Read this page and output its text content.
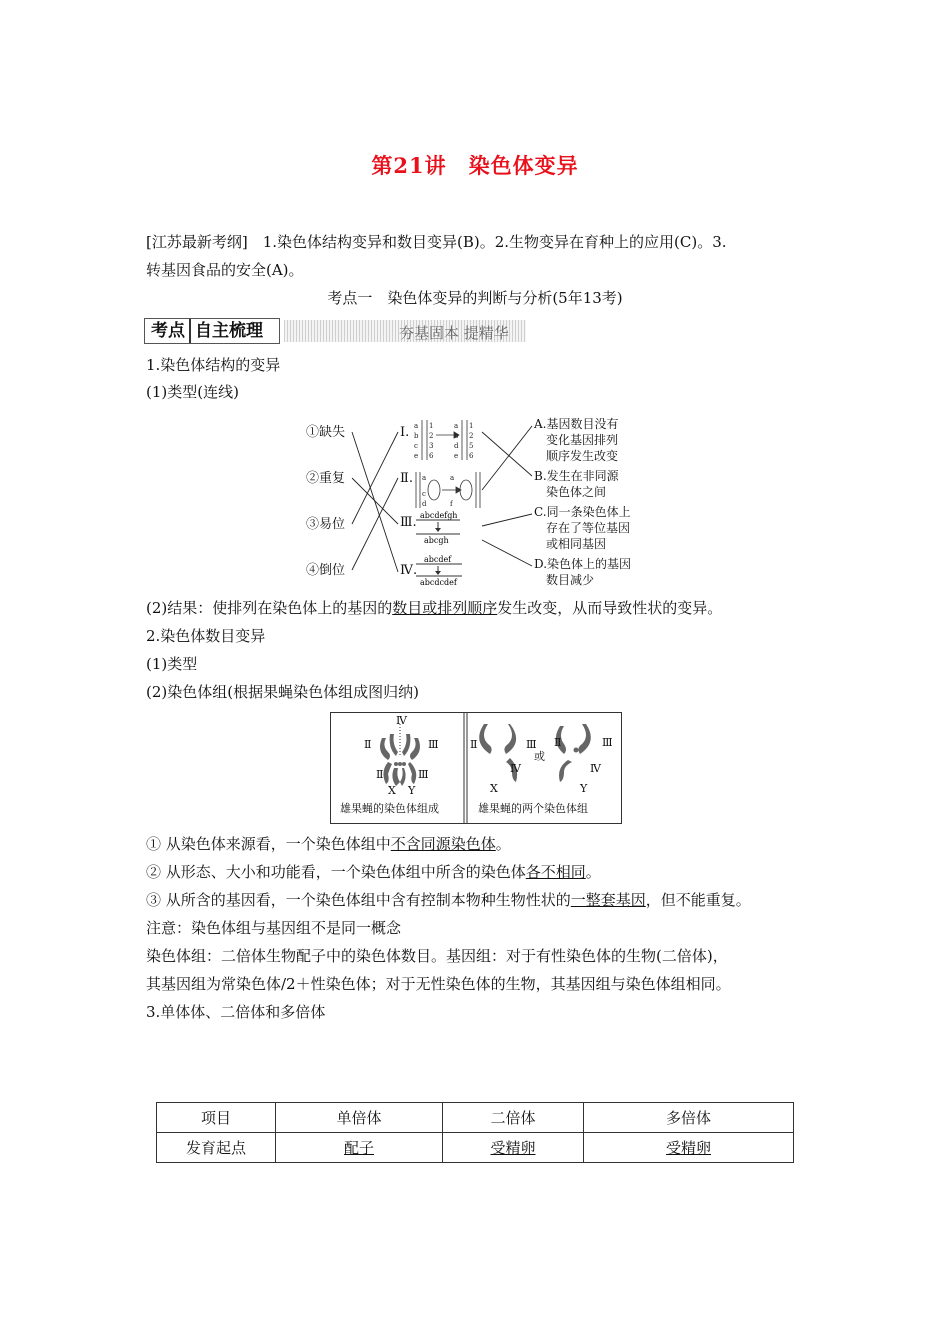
第21讲　染色体变异
[江苏最新考纲]　1.染色体结构变异和数目变异(B)。2.生物变异在育种上的应用(C)。3.
转基因食品的安全(A)。
考点一　染色体变异的判断与分析(5年13考)
考点 自主梳理	夯基固本 提精华
1.染色体结构的变异
(1)类型(连线)
①缺失
②重复
③易位
④倒位
Ⅰ.
Ⅱ.
Ⅲ.
Ⅳ.
a
b
c
e
1
2
3
6
a
b
d
e
1
2
5
6
a
c
d
a
f
abcdefgh
abcgh
abcdef
abcdcdef
A.基因数目没有
变化基因排列
顺序发生改变
B.发生在非同源
染色体之间
C.同一条染色体上
存在了等位基因
或相同基因
D.染色体上的基因
数目减少
(2)结果：使排列在染色体上的基因的数目或排列顺序发生改变，从而导致性状的变异。
2.染色体数目变异
(1)类型
(2)染色体组(根据果蝇染色体组成图归纳)
Ⅳ
Ⅱ	Ⅲ
Ⅱ	Ⅲ
X Y
Ⅱ	Ⅲ
Ⅳ
或
Ⅱ	Ⅲ
Ⅳ
X	Y
雄果蝇的染色体组成	雄果蝇的两个染色体组
① 从染色体来源看，一个染色体组中不含同源染色体。
② 从形态、大小和功能看，一个染色体组中所含的染色体各不相同。
③ 从所含的基因看，一个染色体组中含有控制本物种生物性状的一整套基因，但不能重复。
注意：染色体组与基因组不是同一概念
染色体组：二倍体生物配子中的染色体数目。基因组：对于有性染色体的生物(二倍体)，
其基因组为常染色体/2＋性染色体；对于无性染色体的生物，其基因组与染色体组相同。
3.单体体、二倍体和多倍体
项目	单倍体	二倍体	多倍体
发育起点	配子	受精卵	受精卵
